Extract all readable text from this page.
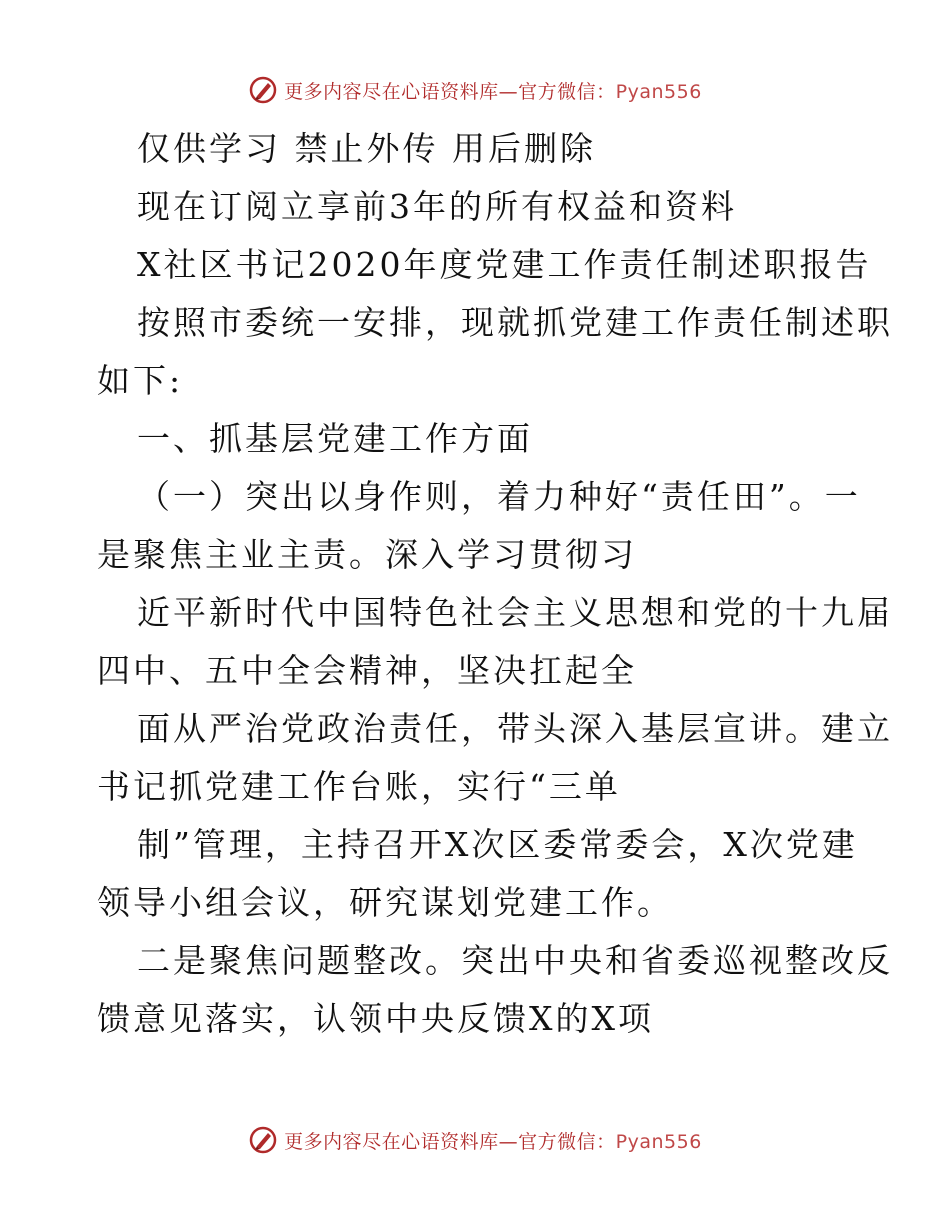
更多内容尽在心语资料库—官方微信：Pyan556
仅供学习 禁止外传 用后删除
现在订阅立享前3年的所有权益和资料
X社区书记2020年度党建工作责任制述职报告
按照市委统一安排，现就抓党建工作责任制述职
如下:
一、抓基层党建工作方面
（一）突出以身作则，着力种好“责任田”。一
是聚焦主业主责。深入学习贯彻习
近平新时代中国特色社会主义思想和党的十九届
四中、五中全会精神，坚决扛起全
面从严治党政治责任，带头深入基层宣讲。建立
书记抓党建工作台账，实行“三单
制”管理，主持召开X次区委常委会，X次党建
领导小组会议，研究谋划党建工作。
二是聚焦问题整改。突出中央和省委巡视整改反
馈意见落实，认领中央反馈X的X项
更多内容尽在心语资料库—官方微信：Pyan556
